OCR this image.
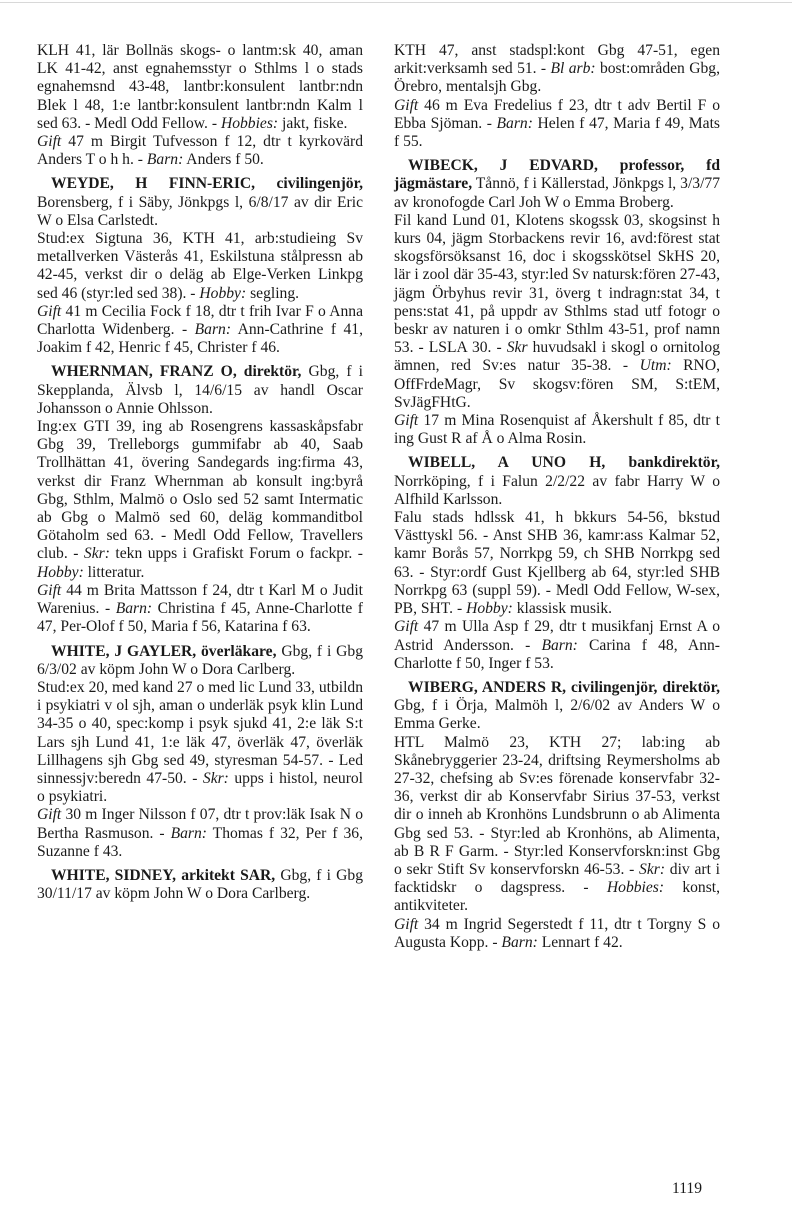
KLH 41, lär Bollnäs skogs- o lantm:sk 40, aman LK 41-42, anst egnahemsstyr o Sthlms l o stads egnahemsnd 43-48, lantbr:konsulent lantbr:ndn Blek l 48, 1:e lantbr:konsulent lantbr:ndn Kalm l sed 63. - Medl Odd Fellow. - Hobbies: jakt, fiske.
Gift 47 m Birgit Tufvesson f 12, dtr t kyrkovärd Anders T o h h. - Barn: Anders f 50.
WEYDE, H FINN-ERIC, civilingenjör, Borensberg, f i Säby, Jönkpgs l, 6/8/17 av dir Eric W o Elsa Carlstedt.
Stud:ex Sigtuna 36, KTH 41, arb:studieing Sv metallverken Västerås 41, Eskilstuna stålpressn ab 42-45, verkst dir o deläg ab Elge-Verken Linkpg sed 46 (styr:led sed 38). - Hobby: segling.
Gift 41 m Cecilia Fock f 18, dtr t frih Ivar F o Anna Charlotta Widenberg. - Barn: Ann-Cathrine f 41, Joakim f 42, Henric f 45, Christer f 46.
WHERNMAN, FRANZ O, direktör, Gbg, f i Skepplanda, Älvsb l, 14/6/15 av handl Oscar Johansson o Annie Ohlsson.
Ing:ex GTI 39, ing ab Rosengrens kassaskåpsfabr Gbg 39, Trelleborgs gummifabr ab 40, Saab Trollhättan 41, övering Sandegards ing:firma 43, verkst dir Franz Whernman ab konsult ing:byrå Gbg, Sthlm, Malmö o Oslo sed 52 samt Intermatic ab Gbg o Malmö sed 60, deläg kommanditbol Götaholm sed 63. - Medl Odd Fellow, Travellers club. - Skr: tekn upps i Grafiskt Forum o fackpr. - Hobby: litteratur.
Gift 44 m Brita Mattsson f 24, dtr t Karl M o Judit Warenius. - Barn: Christina f 45, Anne-Charlotte f 47, Per-Olof f 50, Maria f 56, Katarina f 63.
WHITE, J GAYLER, överläkare, Gbg, f i Gbg 6/3/02 av köpm John W o Dora Carlberg.
Stud:ex 20, med kand 27 o med lic Lund 33, utbildn i psykiatri v ol sjh, aman o underläk psyk klin Lund 34-35 o 40, spec:komp i psyk sjukd 41, 2:e läk S:t Lars sjh Lund 41, 1:e läk 47, överläk 47, överläk Lillhagens sjh Gbg sed 49, styresman 54-57. - Led sinnessjv:beredn 47-50. - Skr: upps i histol, neurol o psykiatri.
Gift 30 m Inger Nilsson f 07, dtr t prov:läk Isak N o Bertha Rasmuson. - Barn: Thomas f 32, Per f 36, Suzanne f 43.
WHITE, SIDNEY, arkitekt SAR, Gbg, f i Gbg 30/11/17 av köpm John W o Dora Carlberg.
KTH 47, anst stadspl:kont Gbg 47-51, egen arkit:verksamh sed 51. - Bl arb: bost:områden Gbg, Örebro, mentalsjh Gbg.
Gift 46 m Eva Fredelius f 23, dtr t adv Bertil F o Ebba Sjöman. - Barn: Helen f 47, Maria f 49, Mats f 55.
WIBECK, J EDVARD, professor, fd jägmästare, Tånnö, f i Källerstad, Jönkpgs l, 3/3/77 av kronofogde Carl Joh W o Emma Broberg.
Fil kand Lund 01, Klotens skogssk 03, skogsinst h kurs 04, jägm Storbackens revir 16, avd:förest stat skogsförsöksanst 16, doc i skogsskötsel SkHS 20, lär i zool där 35-43, styr:led Sv natursk:fören 27-43, jägm Örbyhus revir 31, överg t indragn:stat 34, t pens:stat 41, på uppdr av Sthlms stad utf fotogr o beskr av naturen i o omkr Sthlm 43-51, prof namn 53. - LSLA 30. - Skr huvudsakl i skogl o ornitolog ämnen, red Sv:es natur 35-38. - Utm: RNO, OffFrdeMagr, Sv skogsv:fören SM, S:tEM, SvJägFHtG.
Gift 17 m Mina Rosenquist af Åkershult f 85, dtr t ing Gust R af Å o Alma Rosin.
WIBELL, A UNO H, bankdirektör, Norrköping, f i Falun 2/2/22 av fabr Harry W o Alfhild Karlsson.
Falu stads hdlssk 41, h bkkurs 54-56, bkstud Västtyskl 56. - Anst SHB 36, kamr:ass Kalmar 52, kamr Borås 57, Norrkpg 59, ch SHB Norrkpg sed 63. - Styr:ordf Gust Kjellberg ab 64, styr:led SHB Norrkpg 63 (suppl 59). - Medl Odd Fellow, W-sex, PB, SHT. - Hobby: klassisk musik.
Gift 47 m Ulla Asp f 29, dtr t musikfanj Ernst A o Astrid Andersson. - Barn: Carina f 48, Ann-Charlotte f 50, Inger f 53.
WIBERG, ANDERS R, civilingenjör, direktör, Gbg, f i Örja, Malmöh l, 2/6/02 av Anders W o Emma Gerke.
HTL Malmö 23, KTH 27; lab:ing ab Skånebryggerier 23-24, driftsing Reymersholms ab 27-32, chefsing ab Sv:es förenade konservfabr 32-36, verkst dir ab Konservfabr Sirius 37-53, verkst dir o inneh ab Kronhöns Lundsbrunn o ab Alimenta Gbg sed 53. - Styr:led ab Kronhöns, ab Alimenta, ab B R F Garm. - Styr:led Konservforskn:inst Gbg o sekr Stift Sv konservforskn 46-53. - Skr: div art i facktidskr o dagspress. - Hobbies: konst, antikviteter.
Gift 34 m Ingrid Segerstedt f 11, dtr t Torgny S o Augusta Kopp. - Barn: Lennart f 42.
1119
